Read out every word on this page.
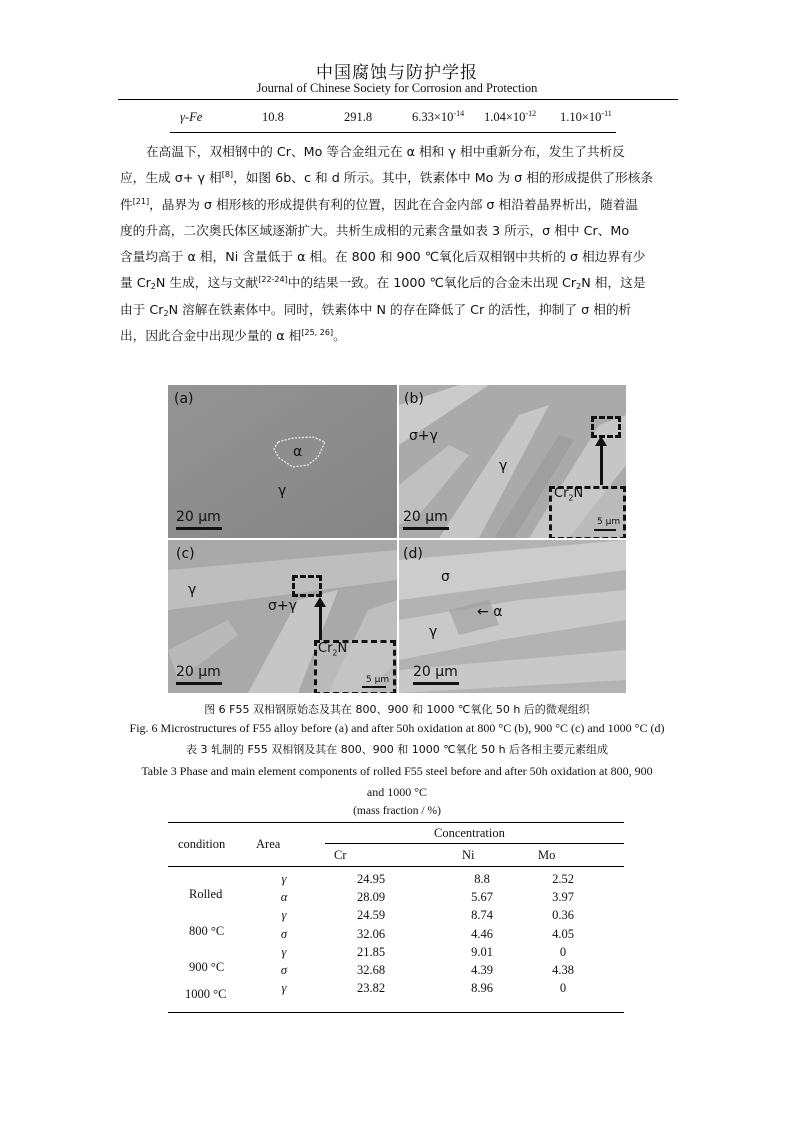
中国腐蚀与防护学报
Journal of Chinese Society for Corrosion and Protection
γ-Fe	10.8	291.8	$6.33\times 10^{-14}$ $1.04\times 10^{-12}$ $1.10\times 10^{-11}$
在高温下，双相钢中的 Cr、Mo 等合金组元在 α 相和 γ 相中重新分布，发生了共析反
应，生成 σ+ γ 相[8]，如图 6b、c 和 d 所示。其中，铁素体中 Mo 为 σ 相的形成提供了形核条
件[21]，晶界为 σ 相形核的形成提供有利的位置，因此在合金内部 σ 相沿着晶界析出，随着温
度的升高，二次奥氏体区域逐渐扩大。共析生成相的元素含量如表 3 所示，σ 相中 Cr、Mo
含量均高于 α 相，Ni 含量低于 α 相。在 800 和 900 ℃氧化后双相钢中共析的 σ 相边界有少
量 $Cr_2N$ 生成，这与文献[22-24]中的结果一致。在 1000 ℃氧化后的合金未出现 $Cr_2N$ 相，这是
由于 $Cr_2N$ 溶解在铁素体中。同时，铁素体中 N 的存在降低了 Cr 的活性，抑制了 σ 相的析
出，因此合金中出现少量的 α 相[25, 26]。
(a)
α
γ
20 μm
(b)
σ+γ
γ
20 μm
$Cr_2N$
5 μm
(c)
γ
σ+γ
20 μm
$Cr_2N$
5 μm
(d)
σ
← α
γ
20 μm
图 6 F55 双相钢原始态及其在 800、900 和 1000 ℃氧化 50 h 后的微观组织
Fig. 6 Microstructures of F55 alloy before (a) and after 50h oxidation at 800 °C (b), 900 °C (c) and 1000 °C (d)
表 3 轧制的 F55 双相钢及其在 800、900 和 1000 ℃氧化 50 h 后各相主要元素组成
Table 3 Phase and main element components of rolled F55 steel before and after 50h oxidation at 800, 900
and 1000 °C
(mass fraction / %)
condition Area
Concentration
Cr	Ni	Mo
Rolled
γ	24.95	8.8	2.52
α	28.09	5.67	3.97
800 °C
γ	24.59	8.74	0.36
σ	32.06	4.46	4.05
900 °C
γ	21.85	9.01	0
σ	32.68	4.39	4.38
1000 °C	γ	23.82	8.96	0
